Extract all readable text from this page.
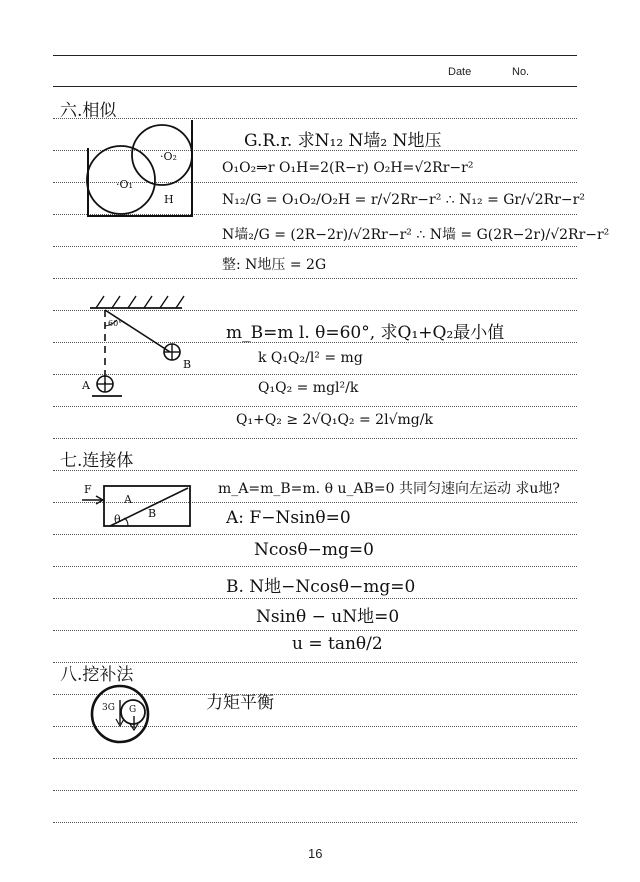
Date	No.
六.相似
·O₂
·O₁
H
G.R.r. 求N₁₂ N墙₂ N地压
O₁O₂⇒r O₁H=2(R−r) O₂H=√2Rr−r²
N₁₂/G = O₁O₂/O₂H = r/√2Rr−r² ∴ N₁₂ = Gr/√2Rr−r²
N墙₂/G = (2R−2r)/√2Rr−r² ∴ N墙 = G(2R−2r)/√2Rr−r²
整: N地压 = 2G
60°
A
B
m_B=m l. θ=60°, 求Q₁+Q₂最小值
k Q₁Q₂/l² = mg
Q₁Q₂ = mgl²/k
Q₁+Q₂ ≥ 2√Q₁Q₂ = 2l√mg/k
七.连接体
F
A
B
θ
m_A=m_B=m. θ u_AB=0 共同匀速向左运动 求u地?
A: F−Nsinθ=0
Ncosθ−mg=0
B. N地−Ncosθ−mg=0
Nsinθ − uN地=0
u = tanθ/2
八.挖补法
3G G	力矩平衡
16
